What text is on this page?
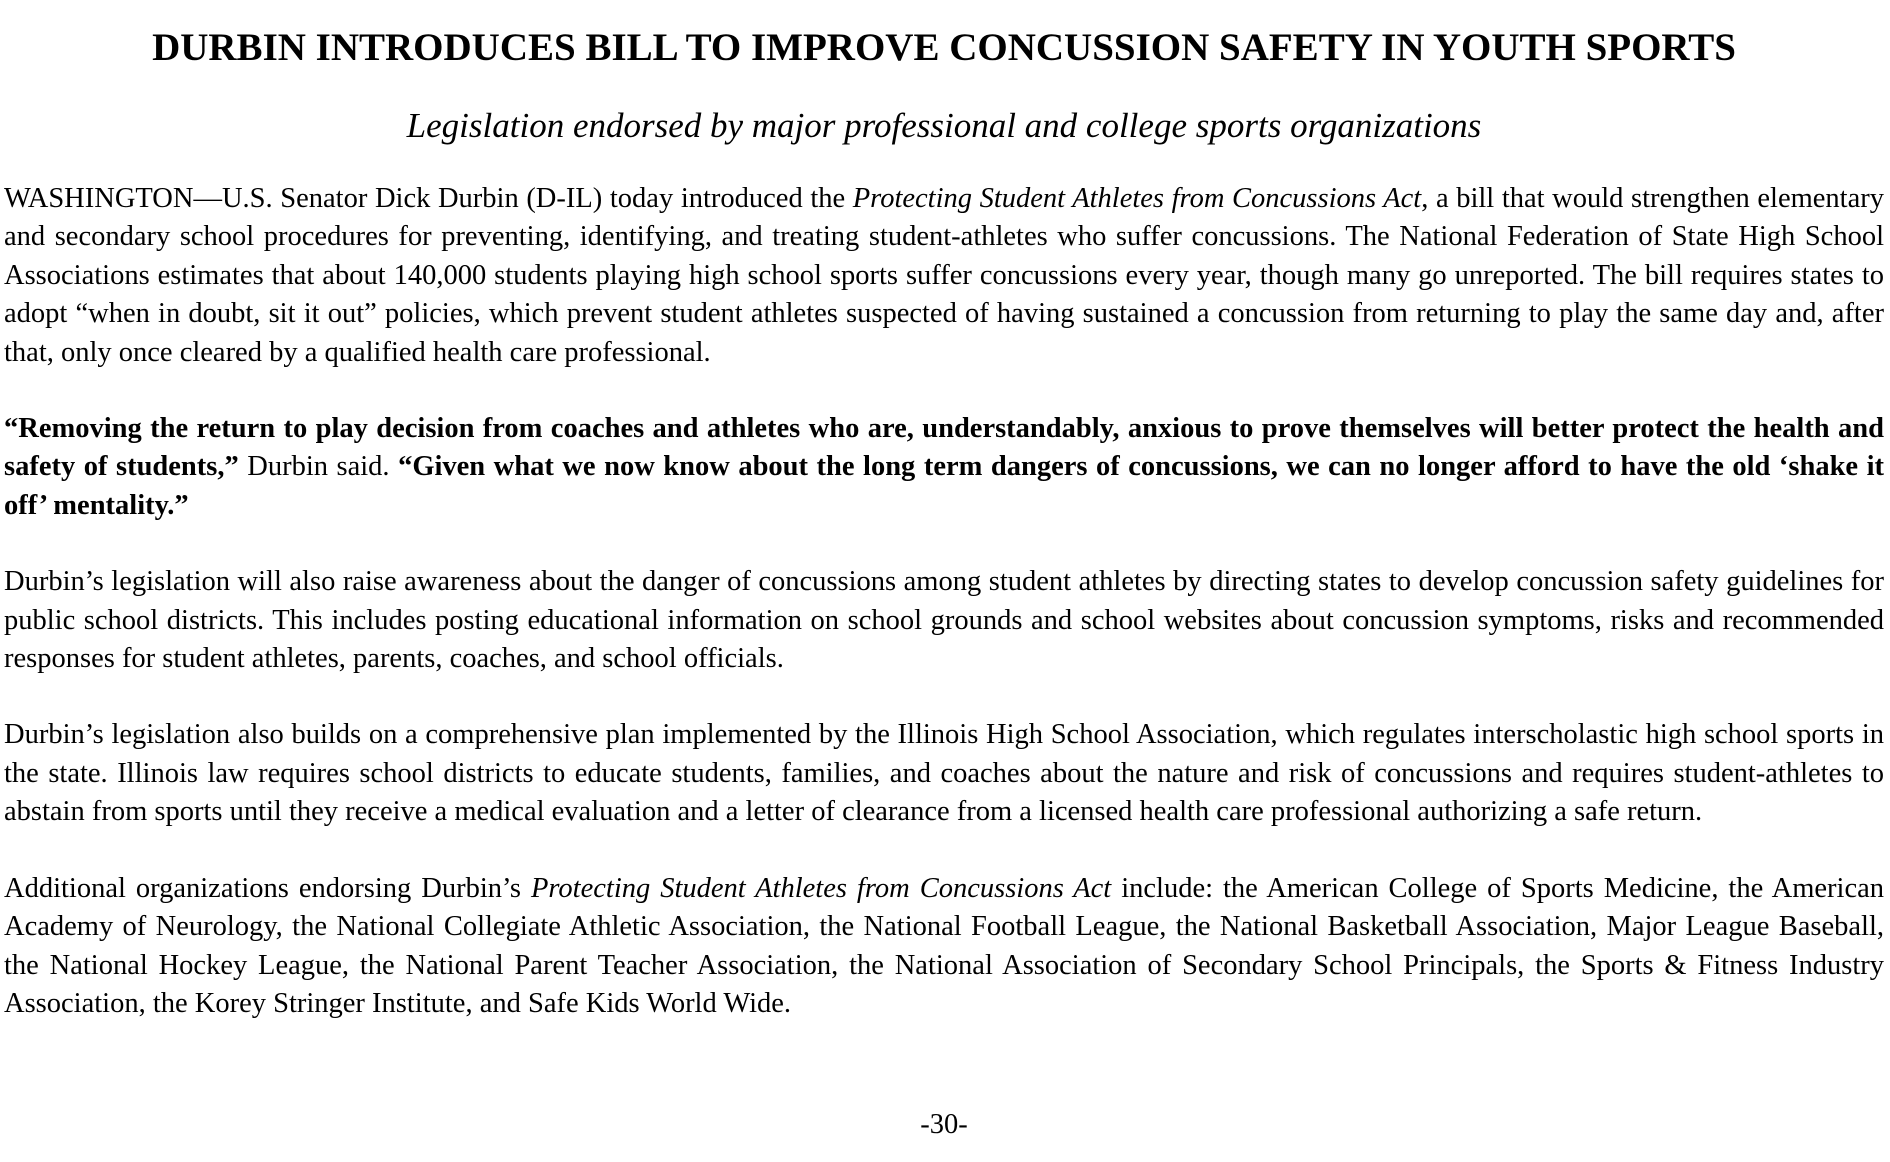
DURBIN INTRODUCES BILL TO IMPROVE CONCUSSION SAFETY IN YOUTH SPORTS

Legislation endorsed by major professional and college sports organizations

WASHINGTON—U.S. Senator Dick Durbin (D-IL) today introduced the Protecting Student Athletes from Concussions Act, a bill that would strengthen elementary and secondary school procedures for preventing, identifying, and treating student-athletes who suffer concussions. The National Federation of State High School Associations estimates that about 140,000 students playing high school sports suffer concussions every year, though many go unreported. The bill requires states to adopt “when in doubt, sit it out” policies, which prevent student athletes suspected of having sustained a concussion from returning to play the same day and, after that, only once cleared by a qualified health care professional.

“Removing the return to play decision from coaches and athletes who are, understandably, anxious to prove themselves will better protect the health and safety of students,” Durbin said. “Given what we now know about the long term dangers of concussions, we can no longer afford to have the old ‘shake it off’ mentality.”

Durbin’s legislation will also raise awareness about the danger of concussions among student athletes by directing states to develop concussion safety guidelines for public school districts. This includes posting educational information on school grounds and school websites about concussion symptoms, risks and recommended responses for student athletes, parents, coaches, and school officials.

Durbin’s legislation also builds on a comprehensive plan implemented by the Illinois High School Association, which regulates interscholastic high school sports in the state. Illinois law requires school districts to educate students, families, and coaches about the nature and risk of concussions and requires student-athletes to abstain from sports until they receive a medical evaluation and a letter of clearance from a licensed health care professional authorizing a safe return.

Additional organizations endorsing Durbin’s Protecting Student Athletes from Concussions Act include: the American College of Sports Medicine, the American Academy of Neurology, the National Collegiate Athletic Association, the National Football League, the National Basketball Association, Major League Baseball, the National Hockey League, the National Parent Teacher Association, the National Association of Secondary School Principals, the Sports & Fitness Industry Association, the Korey Stringer Institute, and Safe Kids World Wide.

-30-
